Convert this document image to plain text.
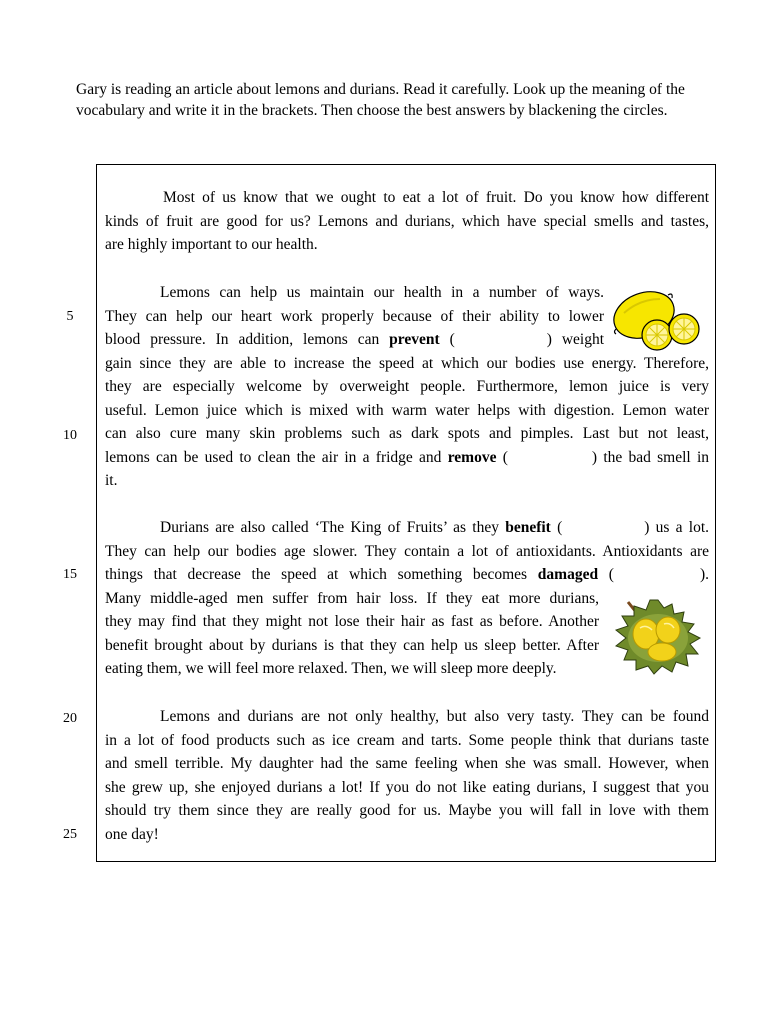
Gary is reading an article about lemons and durians. Read it carefully. Look up the meaning of the vocabulary and write it in the brackets. Then choose the best answers by blackening the circles.
5
10
15
20
25
Most of us know that we ought to eat a lot of fruit. Do you know how different
kinds of fruit are good for us? Lemons and durians, which have special smells and tastes,
are highly important to our health.
Lemons can help us maintain our health in a number of ways.
They can help our heart work properly because of their ability to lower
blood pressure. In addition, lemons can prevent (	) weight
gain since they are able to increase the speed at which our bodies use energy. Therefore,
they are especially welcome by overweight people. Furthermore, lemon juice is very
useful. Lemon juice which is mixed with warm water helps with digestion. Lemon water
can also cure many skin problems such as dark spots and pimples. Last but not least,
lemons can be used to clean the air in a fridge and remove (	) the bad smell in
it.
Durians are also called ‘The King of Fruits’ as they benefit (	) us a lot.
They can help our bodies age slower. They contain a lot of antioxidants. Antioxidants are
things that decrease the speed at which something becomes damaged (	).
Many middle-aged men suffer from hair loss. If they eat more durians,
they may find that they might not lose their hair as fast as before. Another
benefit brought about by durians is that they can help us sleep better. After
eating them, we will feel more relaxed. Then, we will sleep more deeply.
Lemons and durians are not only healthy, but also very tasty. They can be found
in a lot of food products such as ice cream and tarts. Some people think that durians taste
and smell terrible. My daughter had the same feeling when she was small. However, when
she grew up, she enjoyed durians a lot! If you do not like eating durians, I suggest that you
should try them since they are really good for us. Maybe you will fall in love with them
one day!
